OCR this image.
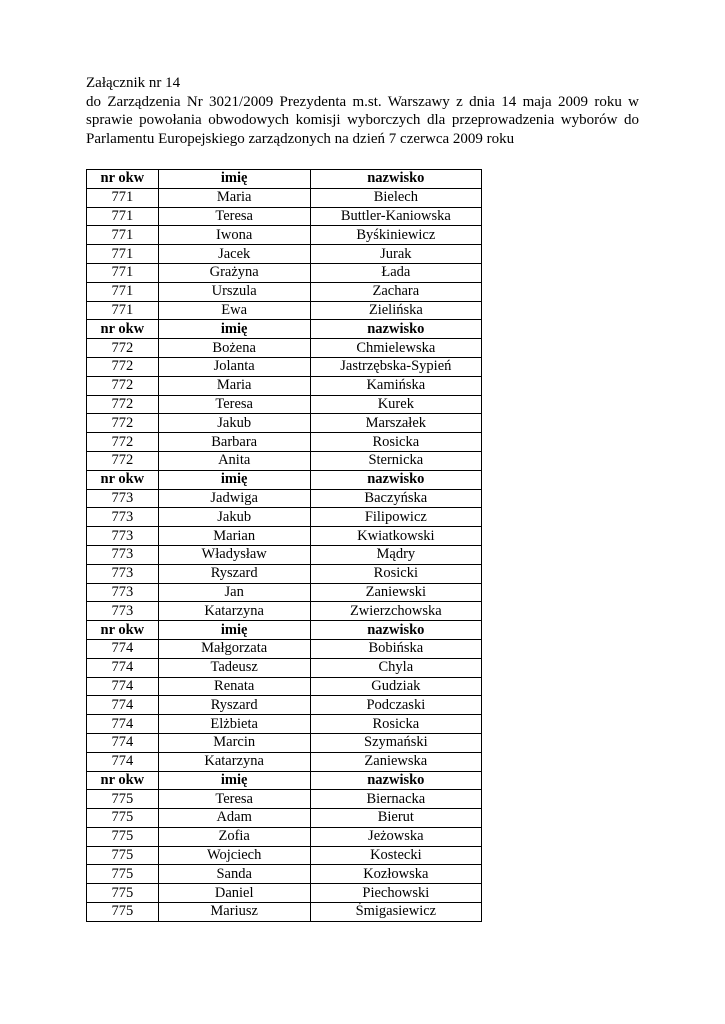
Załącznik nr 14
do Zarządzenia Nr 3021/2009 Prezydenta m.st. Warszawy z dnia 14 maja 2009 roku w sprawie powołania obwodowych komisji wyborczych dla przeprowadzenia wyborów do Parlamentu Europejskiego zarządzonych na dzień 7 czerwca 2009 roku
nr okw	imię	nazwisko
771	Maria	Bielech
771	Teresa	Buttler-Kaniowska
771	Iwona	Byśkiniewicz
771	Jacek	Jurak
771	Grażyna	Łada
771	Urszula	Zachara
771	Ewa	Zielińska
nr okw	imię	nazwisko
772	Bożena	Chmielewska
772	Jolanta	Jastrzębska-Sypień
772	Maria	Kamińska
772	Teresa	Kurek
772	Jakub	Marszałek
772	Barbara	Rosicka
772	Anita	Sternicka
nr okw	imię	nazwisko
773	Jadwiga	Baczyńska
773	Jakub	Filipowicz
773	Marian	Kwiatkowski
773	Władysław	Mądry
773	Ryszard	Rosicki
773	Jan	Zaniewski
773	Katarzyna	Zwierzchowska
nr okw	imię	nazwisko
774	Małgorzata	Bobińska
774	Tadeusz	Chyla
774	Renata	Gudziak
774	Ryszard	Podczaski
774	Elżbieta	Rosicka
774	Marcin	Szymański
774	Katarzyna	Zaniewska
nr okw	imię	nazwisko
775	Teresa	Biernacka
775	Adam	Bierut
775	Zofia	Jeżowska
775	Wojciech	Kostecki
775	Sanda	Kozłowska
775	Daniel	Piechowski
775	Mariusz	Śmigasiewicz
